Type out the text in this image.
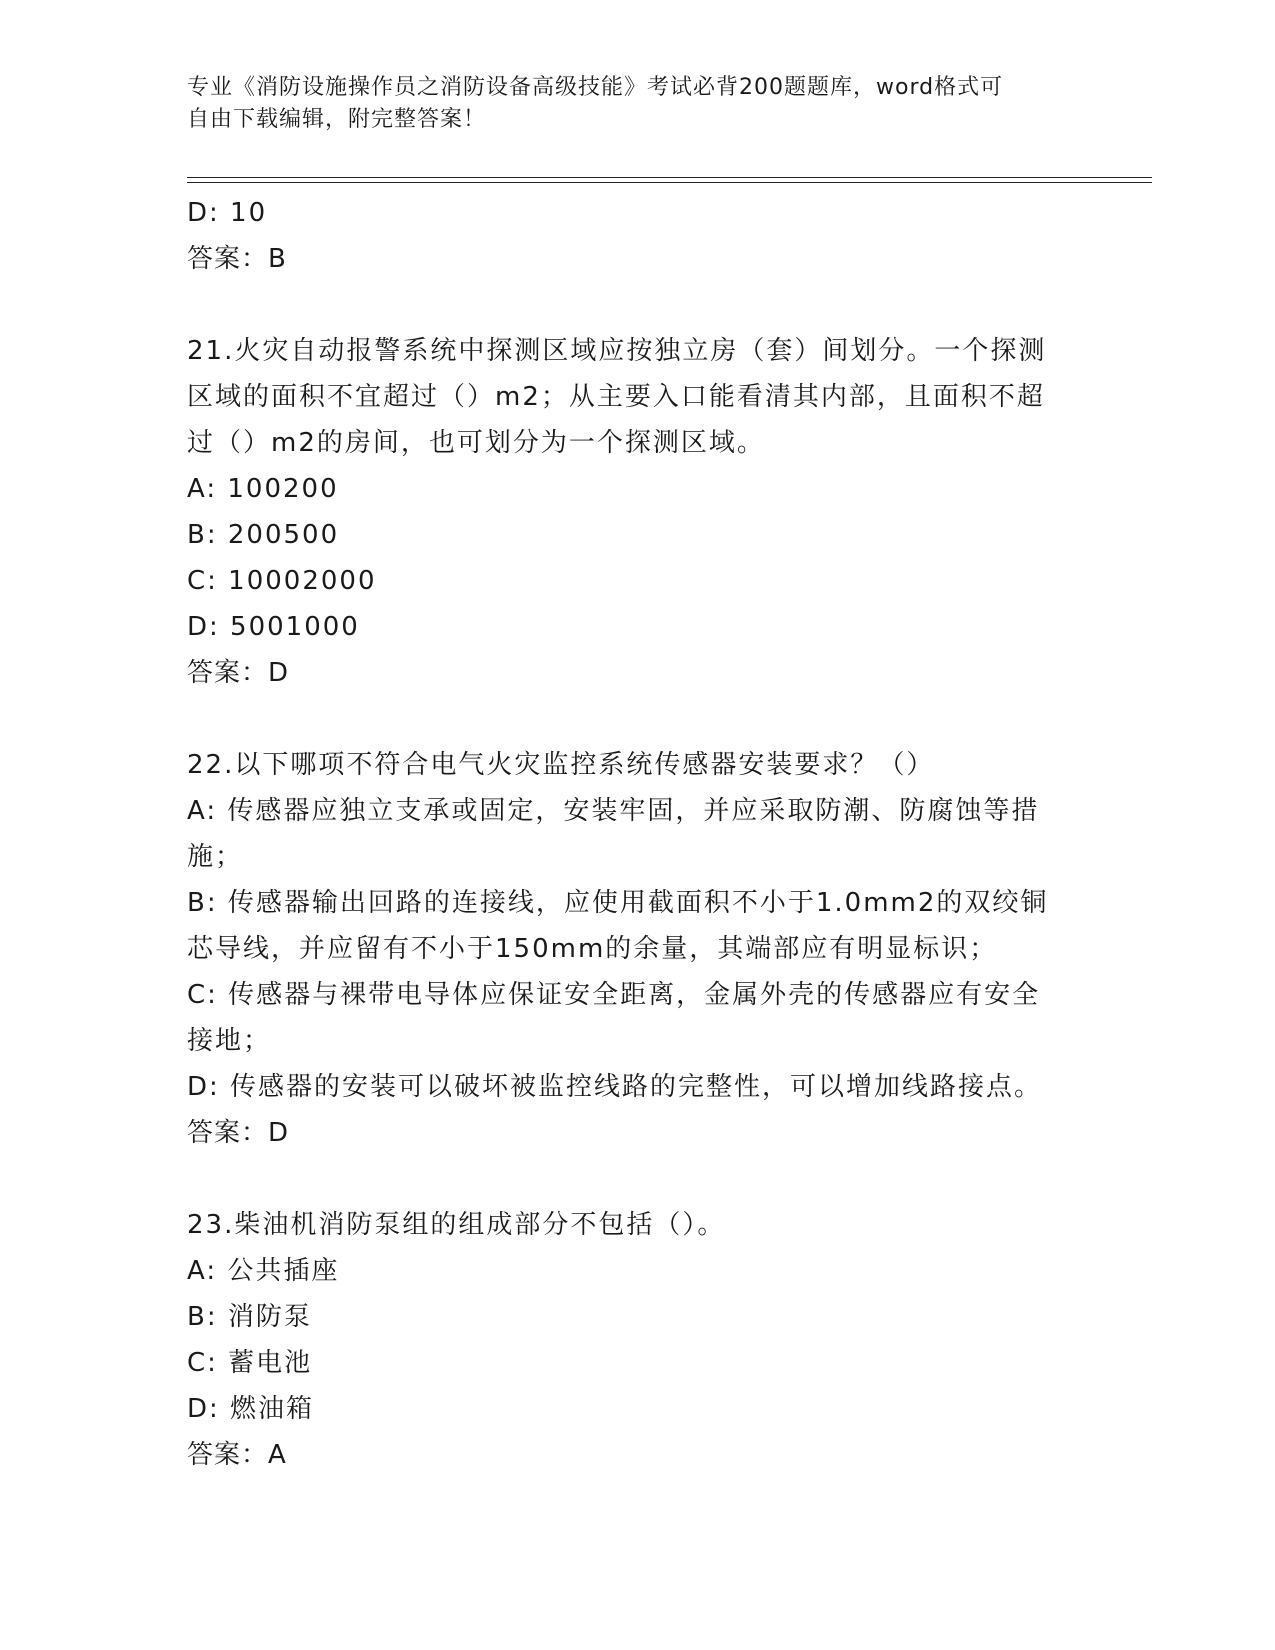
专业《消防设施操作员之消防设备高级技能》考试必背200题题库，word格式可
自由下载编辑，附完整答案！
D: 10
答案：B
21.火灾自动报警系统中探测区域应按独立房（套）间划分。一个探测
区域的面积不宜超过（）m2；从主要入口能看清其内部，且面积不超
过（）m2的房间，也可划分为一个探测区域。
A: 100200
B: 200500
C: 10002000
D: 5001000
答案：D
22.以下哪项不符合电气火灾监控系统传感器安装要求？（）
A: 传感器应独立支承或固定，安装牢固，并应采取防潮、防腐蚀等措
施；
B: 传感器输出回路的连接线，应使用截面积不小于1.0mm2的双绞铜
芯导线，并应留有不小于150mm的余量，其端部应有明显标识；
C: 传感器与裸带电导体应保证安全距离，金属外壳的传感器应有安全
接地；
D: 传感器的安装可以破坏被监控线路的完整性，可以增加线路接点。
答案：D
23.柴油机消防泵组的组成部分不包括（）。
A: 公共插座
B: 消防泵
C: 蓄电池
D: 燃油箱
答案：A
